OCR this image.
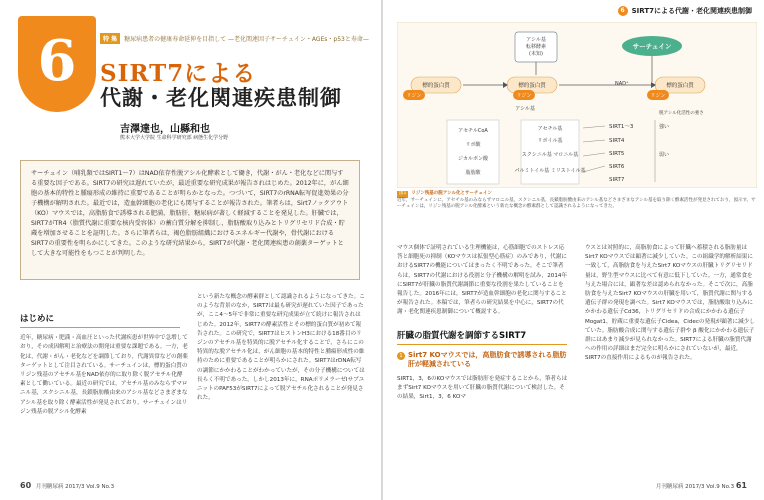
6	特 集	糖尿病患者の健康寿命延伸を目指して —老化関連因子サーチュイン・AGEs・p53と寿命—
SIRT7による
代謝・老化関連疾患制御
吉澤達也，山縣和也
熊本大学大学院 生命科学研究部 病態生化学分野
サーチュイン（哺乳類ではSIRT1〜7）はNAD依存性脱アシル化酵素として働き，代謝・がん・老化などに関与する重要な因子である。SIRT7の研究は遅れていたが，最近重要な研究成果が報告されはじめた。2012年に，がん細胞の基本的特性と腫瘍形成の維持に重要であることが明らかとなった。つづいて，SIRT7のrRNA転写促進効果の分子機構が解明された。最近では，造血幹細胞の老化にも関与することが報告された。筆者らは，Sirt7ノックアウト（KO）マウスでは，高脂肪食で誘導される肥満，脂肪肝，糖尿病が著しく軽減することを発見した。肝臓では，SIRT7がTR4（脂質代謝に重要な核内受容体）の蓄白質分解を抑制し，脂肪酸取り込みとトリグリセリド合成・貯蔵を増加させることを証明した。さらに筆者らは，褐色脂肪組織におけるエネルギー代謝や，骨代謝におけるSIRT7の重要性を明らかにしてきた。このような研究結果から，SIRT7が代謝・老化関連疾患の創薬ターゲットとして大きな可能性をもつことが判明した。
はじめに
近年，糖尿病・肥満・高血圧といった代謝疾患が世界中で急増しており，その成因解明と治療法の開発は重要な課題である。一方，老化は，代謝・がん・老化などを調節しており，代謝異常などの創薬ターゲットとして注目されている。サーチュインは，標的蛋白質のリジン残基のアセチル基をNAD依存的に取り除く脱アセチル化酵素として働いている。最近の研究では，アセチル基のみならずマロニル基，スクシニル基，長鎖脂肪酸由来のアシル基などさまざまなアシル基を取り除く酵素活性が発見されており，サーチュインはリジン残基の脱アシル化酵素
という新たな概念の酵素群として認識されるようになってきた。このような背景のなか，SIRT7は最も研究が遅れていた因子であったが，ここ4〜5年で非常に重要な研究成果が立て続けに報告されはじめた。2012年，SIRT7の酵素活性とその標的蛋白質が初めて報告された。この研究で，SIRT7はヒストンH3における18番目のリジンのアセチル基を特異的に脱アセチル化することで，さらにこの特異的な脱アセチル化は，がん細胞の基本的特性と腫瘍形成性の維持のために重要であることが明らかにされた。SIRT7はrDNA転写の調節にかかわることがわかっていたが，その分子機構については長らく不明であった。しかし2013年に，RNAポリメラーゼⅠサブユニットのPAF53がSIRT7によって脱アセチル化されることが発見された。
60 月刊糖尿病 2017/3 Vol.9 No.3
6 SIRT7による代謝・老化関連疾患制御
アシル基転移酵素(未知)
サーチュイン
標的蛋白質
リジン
標的蛋白質
リジン
アシル基
標的蛋白質
リジン
NAD⁺
脱アシル化活性の強さ
アセチルCoA
リボ酸
ジカルボン酸
脂肪酸
アセチル基
リボイル基
スクシニル基 マロニル基
パルミトイル基 ミリストイル基
SIRT1〜3
SIRT4
SIRT5
SIRT6
SIRT7
強い
弱い
図1 リジン残基の脱アシル化とサーチュイン
近年，サーチュインに，アセチル基のみならずマロニル基，スクシニル基，長鎖脂肪酸由来のアシル基などさまざまなアシル基を取り除く酵素活性が発見されており，図示す。サーチュインは，リジン残基の脱アシル化酵素という新たな概念の酵素群として認識されるようになってきた。
マウス個体で証明されている生理機能は，心筋細胞でのストレス応答と細胞死の抑制（KOマウスは拡張型心筋症）のみであり，代謝におけるSIRT7の機能についてはまったく不明であった。そこで筆者らは，SIRT7の代謝における役割と分子機構の解明を試み，2014年にSIRT7が肝臓の脂質代謝調節に重要な役割を果たしていることを報告した。2016年には，SIRT7が造血幹細胞の老化に関与することが報告された。本稿では，筆者らの研究結果を中心に，SIRT7の代謝・老化関連疾患制御について概説する。
肝臓の脂質代謝を調節するSIRT7
1 Sirt7 KOマウスでは，高脂肪食で誘導される脂肪肝が軽減されている
SIRT1，3，6のKOマウスでは脂肪肝を発症することから，筆者らはまずSirt7 KOマウスを用いて肝臓の脂質代謝について検討した。その結果，Sirt1，3，6 KOマ
ウスとは対照的に，高脂肪食によって肝臓へ蓄積される脂肪量はSirt7 KOマウスでは顕著に減少していた。この組織学的解析結果に一致して，高脂肪食を与えたSirt7 KOマウスの肝臓トリグリセリド量は，野生型マウスに比べて有意に低下していた。一方，通常食を与えた場合には，顕著な差は認められなかった。そこで次に，高脂肪食を与えたSirt7 KOマウスの肝臓を用いて，脂質代謝に関与する遺伝子群の発現を調べた。Sirt7 KOマウスでは，脂肪酸取り込みにかかわる遺伝子Cd36，トリグリセリドの合成にかかわる遺伝子Mogat1，貯蔵に重要な遺伝子Cidea，Cidecの発現が顕著に減少していた。脂肪酸合成に関与する遺伝子群や β 酸化にかかわる遺伝子群にはあまり減少が見られなかった。SIRT7による肝臓の脂質代謝への作用の詳細はまだ完全に明らかにされていないが，最近，SIRT7の直接作用によるものが報告された。
月刊糖尿病 2017/3 Vol.9 No.3 61
